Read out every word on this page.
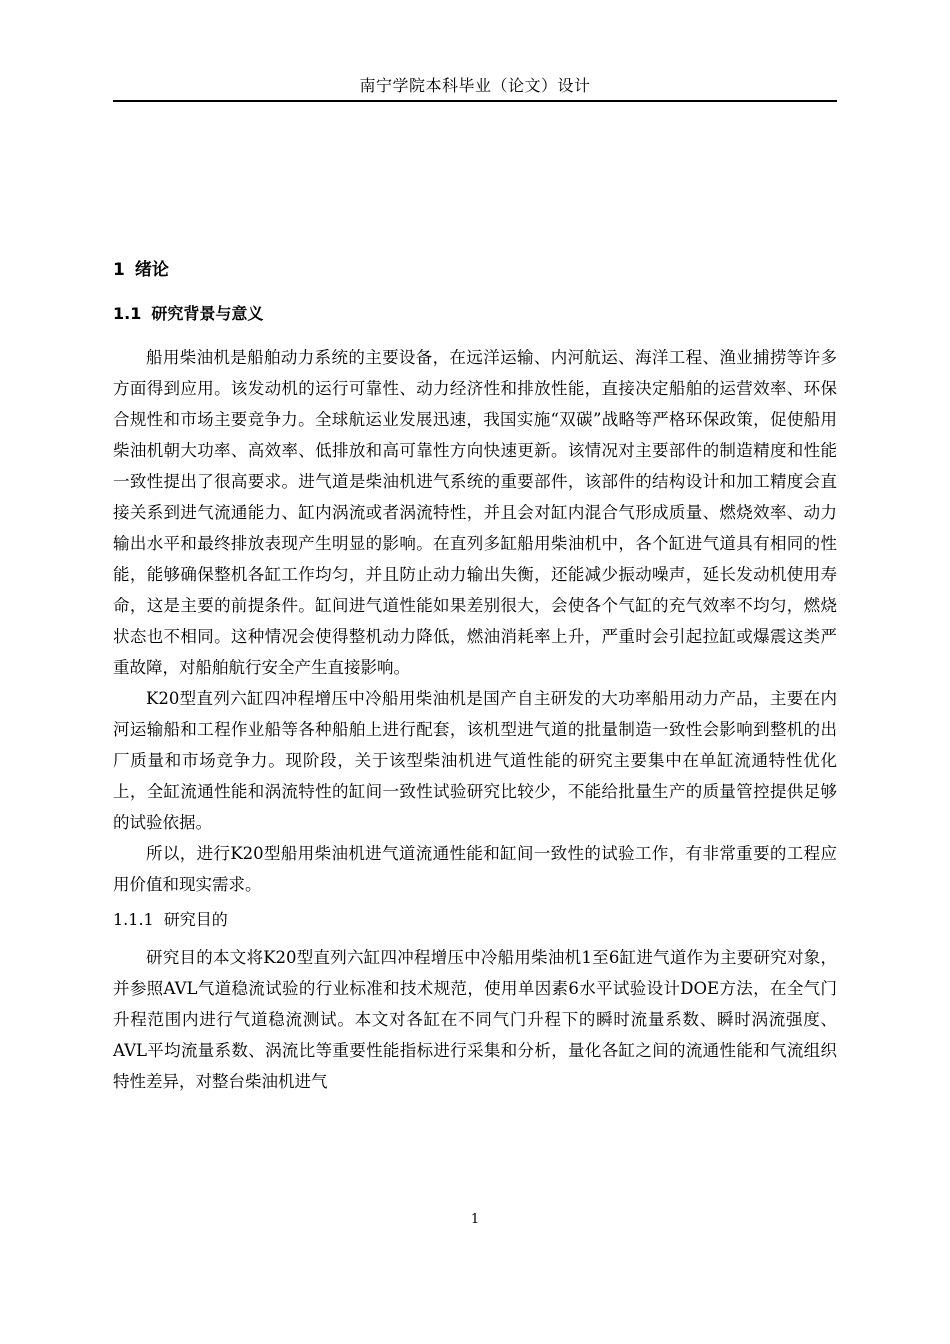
南宁学院本科毕业（论文）设计
1 绪论
1.1 研究背景与意义

船用柴油机是船舶动力系统的主要设备，在远洋运输、内河航运、海洋工程、渔业捕捞等许多方面得到应用。该发动机的运行可靠性、动力经济性和排放性能，直接决定船舶的运营效率、环保合规性和市场主要竞争力。全球航运业发展迅速，我国实施“双碳”战略等严格环保政策，促使船用柴油机朝大功率、高效率、低排放和高可靠性方向快速更新。该情况对主要部件的制造精度和性能一致性提出了很高要求。进气道是柴油机进气系统的重要部件，该部件的结构设计和加工精度会直接关系到进气流通能力、缸内涡流或者涡流特性，并且会对缸内混合气形成质量、燃烧效率、动力输出水平和最终排放表现产生明显的影响。在直列多缸船用柴油机中，各个缸进气道具有相同的性能，能够确保整机各缸工作均匀，并且防止动力输出失衡，还能减少振动噪声，延长发动机使用寿命，这是主要的前提条件。缸间进气道性能如果差别很大，会使各个气缸的充气效率不均匀，燃烧状态也不相同。这种情况会使得整机动力降低，燃油消耗率上升，严重时会引起拉缸或爆震这类严重故障，对船舶航行安全产生直接影响。

K20型直列六缸四冲程增压中冷船用柴油机是国产自主研发的大功率船用动力产品，主要在内河运输船和工程作业船等各种船舶上进行配套，该机型进气道的批量制造一致性会影响到整机的出厂质量和市场竞争力。现阶段，关于该型柴油机进气道性能的研究主要集中在单缸流通特性优化上，全缸流通性能和涡流特性的缸间一致性试验研究比较少，不能给批量生产的质量管控提供足够的试验依据。

所以，进行K20型船用柴油机进气道流通性能和缸间一致性的试验工作，有非常重要的工程应用价值和现实需求。

1.1.1 研究目的

研究目的本文将K20型直列六缸四冲程增压中冷船用柴油机1至6缸进气道作为主要研究对象，并参照AVL气道稳流试验的行业标准和技术规范，使用单因素6水平试验设计DOE方法，在全气门升程范围内进行气道稳流测试。本文对各缸在不同气门升程下的瞬时流量系数、瞬时涡流强度、AVL平均流量系数、涡流比等重要性能指标进行采集和分析，量化各缸之间的流通性能和气流组织特性差异，对整台柴油机进气

1
